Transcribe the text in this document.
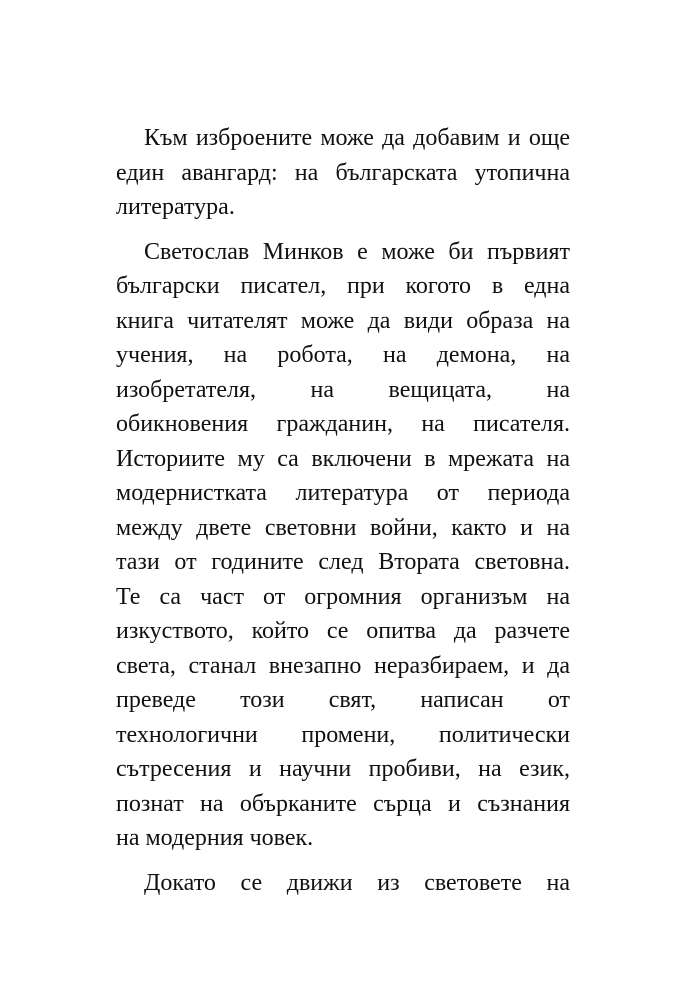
Към изброените може да добавим и още
един авангард: на българската утопична
литература.
Светослав Минков е може би първият
български писател, при когото в една
книга читателят може да види образа на
учения, на робота, на демона, на
изобретателя, на вещицата, на
обикновения гражданин, на писателя.
Историите му са включени в мрежата на
модернистката литература от периода
между двете световни войни, както и на
тази от годините след Втората световна.
Те са част от огромния организъм на
изкуството, който се опитва да разчете
света, станал внезапно неразбираем, и да
преведе този свят, написан от
технологични промени, политически
сътресения и научни пробиви, на език,
познат на обърканите сърца и съзнания
на модерния човек.
Докато се движи из световете на
